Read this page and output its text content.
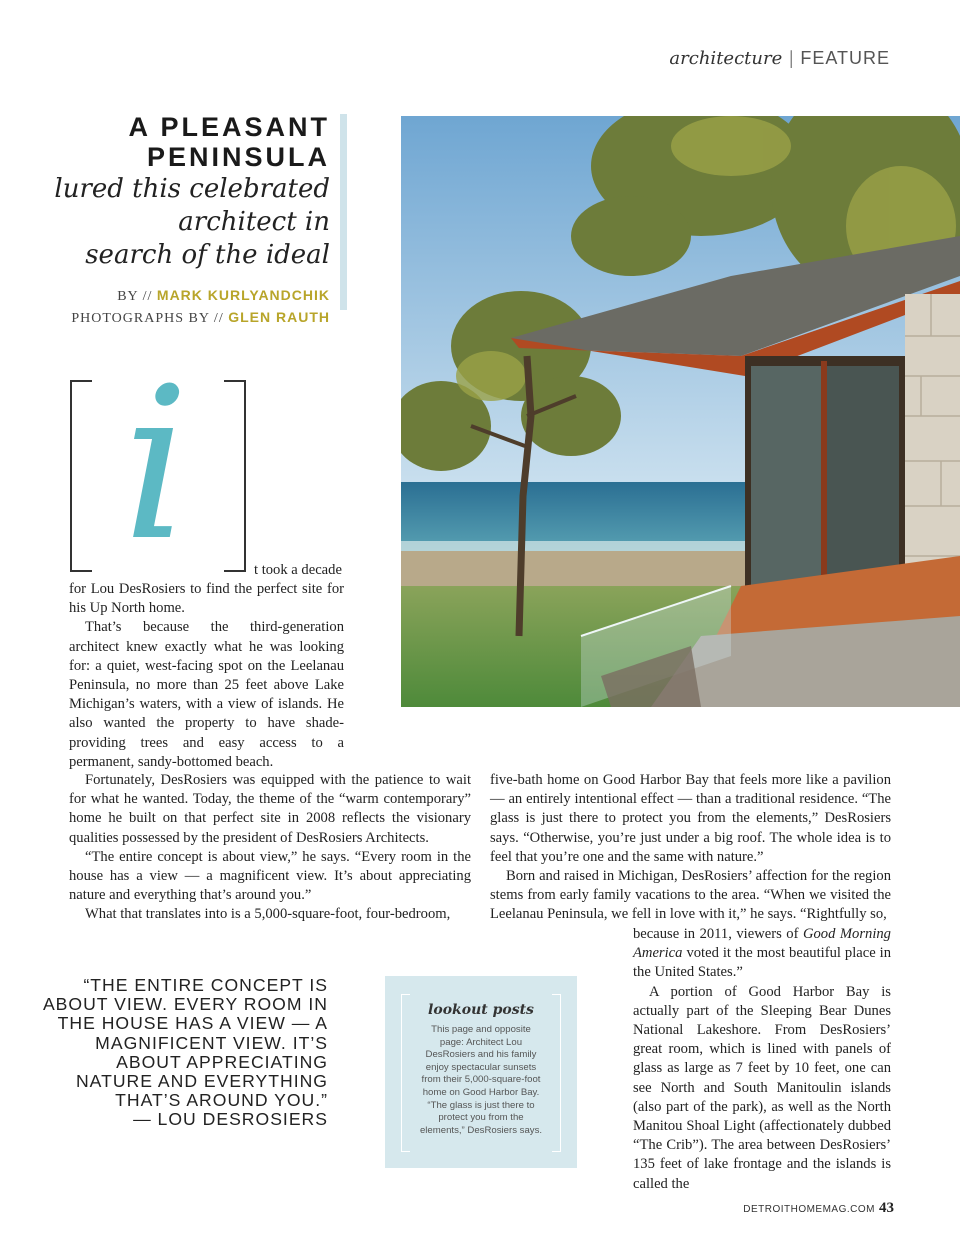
architecture | FEATURE
A PLEASANT
PENINSULA
lured this celebrated
architect in
search of the ideal
BY // MARK KURLYANDCHIK
PHOTOGRAPHS BY // GLEN RAUTH
i	t took a decade

for Lou DesRosiers to find the perfect site for his Up North home.

That’s because the third-generation architect knew exactly what he was looking for: a quiet, west-facing spot on the Leelanau Peninsula, no more than 25 feet above Lake Michigan’s waters, with a view of islands. He also wanted the property to have shade-providing trees and easy access to a permanent, sandy-bottomed beach.

Fortunately, DesRosiers was equipped with the patience to wait for what he wanted. Today, the theme of the “warm contemporary” home he built on that perfect site in 2008 reflects the visionary qualities possessed by the president of DesRosiers Architects.

“The entire concept is about view,” he says. “Every room in the house has a view — a magnificent view. It’s about appreciating nature and everything that’s around you.”

What that translates into is a 5,000-square-foot, four-bedroom,

five-bath home on Good Harbor Bay that feels more like a pavilion — an entirely intentional effect — than a traditional residence. “The glass is just there to protect you from the elements,” DesRosiers says. “Otherwise, you’re just under a big roof. The whole idea is to feel that you’re one and the same with nature.”

Born and raised in Michigan, DesRosiers’ affection for the region stems from early family vacations to the area. “When we visited the Leelanau Peninsula, we fell in love with it,” he says. “Rightfully so,

because in 2011, viewers of Good Morning America voted it the most beautiful place in the United States.”

A portion of Good Harbor Bay is actually part of the Sleeping Bear Dunes National Lakeshore. From DesRosiers’ great room, which is lined with panels of glass as large as 7 feet by 10 feet, one can see North and South Manitoulin islands (also part of the park), as well as the North Manitou Shoal Light (affectionately dubbed “The Crib”). The area between DesRosiers’ 135 feet of lake frontage and the islands is called the

“THE ENTIRE CONCEPT IS ABOUT VIEW. EVERY ROOM IN THE HOUSE HAS A VIEW — A MAGNIFICENT VIEW. IT’S ABOUT APPRECIATING NATURE AND EVERYTHING THAT’S AROUND YOU.”
— LOU DESROSIERS
lookout posts
This page and opposite page: Architect Lou DesRosiers and his family enjoy spectacular sunsets from their 5,000-square-foot home on Good Harbor Bay. “The glass is just there to protect you from the elements,” DesRosiers says.
DETROITHOMEMAG.COM 43
